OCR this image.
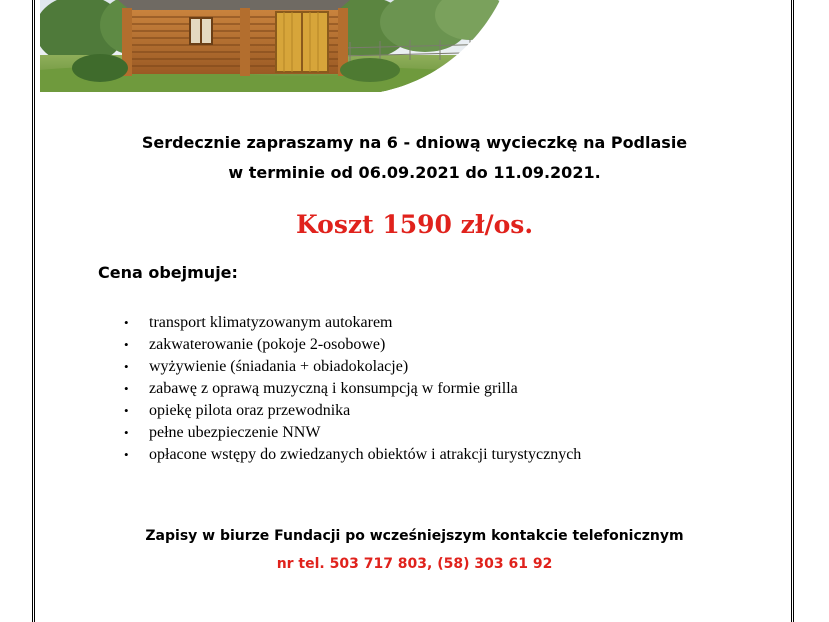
Serdecznie zapraszamy na 6 - dniową wycieczkę na Podlasie
w terminie od 06.09.2021 do 11.09.2021.
Koszt 1590 zł/os.
Cena obejmuje:
• transport klimatyzowanym autokarem
• zakwaterowanie (pokoje 2-osobowe)
• wyżywienie (śniadania + obiadokolacje)
• zabawę z oprawą muzyczną i konsumpcją w formie grilla
• opiekę pilota oraz przewodnika
• pełne ubezpieczenie NNW
• opłacone wstępy do zwiedzanych obiektów i atrakcji turystycznych
Zapisy w biurze Fundacji po wcześniejszym kontakcie telefonicznym
nr tel. 503 717 803, (58) 303 61 92
